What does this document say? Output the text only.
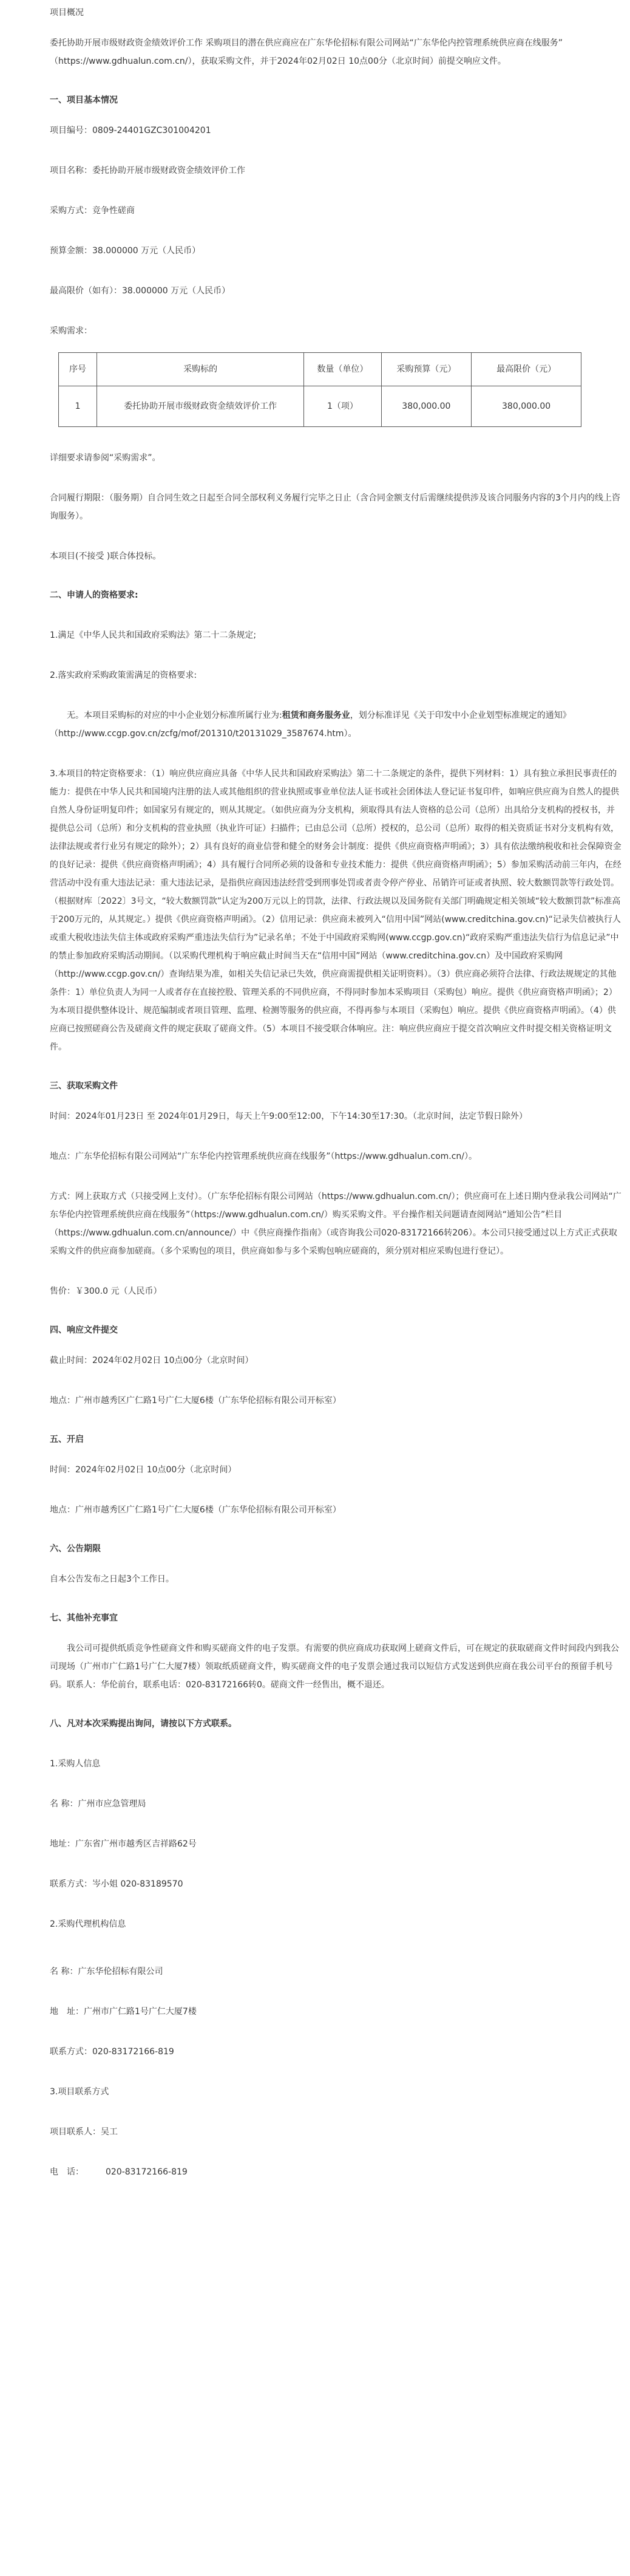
项目概况

委托协助开展市级财政资金绩效评价工作 采购项目的潜在供应商应在广东华伦招标有限公司网站“广东华伦内控管理系统供应商在线服务” （https://www.gdhualun.com.cn/），获取采购文件，并于2024年02月02日 10点00分（北京时间）前提交响应文件。

一、项目基本情况

项目编号：0809-24401GZC301004201

项目名称：委托协助开展市级财政资金绩效评价工作

采购方式：竞争性磋商

预算金额：38.000000 万元（人民币）

最高限价（如有）：38.000000 万元（人民币）

采购需求：

序号	采购标的	数量（单位）	采购预算（元）	最高限价（元）
1	委托协助开展市级财政资金绩效评价工作	1（项）	380,000.00	380,000.00

详细要求请参阅“采购需求”。

合同履行期限：（服务期）自合同生效之日起至合同全部权利义务履行完毕之日止（含合同金额支付后需继续提供涉及该合同服务内容的3个月内的线上咨询服务）。

本项目(不接受 )联合体投标。

二、申请人的资格要求:

1.满足《中华人民共和国政府采购法》第二十二条规定;

2.落实政府采购政策需满足的资格要求:

无。本项目采购标的对应的中小企业划分标准所属行业为:租赁和商务服务业，划分标准详见《关于印发中小企业划型标准规定的通知》（http://www.ccgp.gov.cn/zcfg/mof/201310/t20131029_3587674.htm）。

3.本项目的特定资格要求：（1）响应供应商应具备《中华人民共和国政府采购法》第二十二条规定的条件，提供下列材料：1）具有独立承担民事责任的能力：提供在中华人民共和国境内注册的法人或其他组织的营业执照或事业单位法人证书或社会团体法人登记证书复印件，如响应供应商为自然人的提供自然人身份证明复印件；如国家另有规定的，则从其规定。（如供应商为分支机构，须取得具有法人资格的总公司（总所）出具给分支机构的授权书，并提供总公司（总所）和分支机构的营业执照（执业许可证）扫描件；已由总公司（总所）授权的，总公司（总所）取得的相关资质证书对分支机构有效，法律法规或者行业另有规定的除外）；2）具有良好的商业信誉和健全的财务会计制度：提供《供应商资格声明函》；3）具有依法缴纳税收和社会保障资金的良好记录：提供《供应商资格声明函》；4）具有履行合同所必须的设备和专业技术能力：提供《供应商资格声明函》；5）参加采购活动前三年内，在经营活动中没有重大违法记录：重大违法记录，是指供应商因违法经营受到刑事处罚或者责令停产停业、吊销许可证或者执照、较大数额罚款等行政处罚。（根据财库〔2022〕3号文，“较大数额罚款”认定为200万元以上的罚款，法律、行政法规以及国务院有关部门明确规定相关领域“较大数额罚款”标准高于200万元的，从其规定。）提供《供应商资格声明函》。（2）信用记录：供应商未被列入“信用中国”网站(www.creditchina.gov.cn)“记录失信被执行人或重大税收违法失信主体或政府采购严重违法失信行为”记录名单；不处于中国政府采购网(www.ccgp.gov.cn)“政府采购严重违法失信行为信息记录”中的禁止参加政府采购活动期间。（以采购代理机构于响应截止时间当天在“信用中国”网站（www.creditchina.gov.cn）及中国政府采购网（http://www.ccgp.gov.cn/）查询结果为准，如相关失信记录已失效，供应商需提供相关证明资料）。（3）供应商必须符合法律、行政法规规定的其他条件：1）单位负责人为同一人或者存在直接控股、管理关系的不同供应商，不得同时参加本采购项目（采购包）响应。提供《供应商资格声明函》；2）为本项目提供整体设计、规范编制或者项目管理、监理、检测等服务的供应商，不得再参与本项目（采购包）响应。提供《供应商资格声明函》。（4）供应商已按照磋商公告及磋商文件的规定获取了磋商文件。（5）本项目不接受联合体响应。注：响应供应商应于提交首次响应文件时提交相关资格证明文件。

三、获取采购文件

时间：2024年01月23日 至 2024年01月29日，每天上午9:00至12:00，下午14:30至17:30。（北京时间，法定节假日除外）

地点：广东华伦招标有限公司网站“广东华伦内控管理系统供应商在线服务”（https://www.gdhualun.com.cn/）。

方式：网上获取方式（只接受网上支付）。（广东华伦招标有限公司网站（https://www.gdhualun.com.cn/）；供应商可在上述日期内登录我公司网站“广东华伦内控管理系统供应商在线服务”（https://www.gdhualun.com.cn/）购买采购文件。平台操作相关问题请查阅网站“通知公告”栏目（https://www.gdhualun.com.cn/announce/）中《供应商操作指南》（或咨询我公司020-83172166转206）。本公司只接受通过以上方式正式获取采购文件的供应商参加磋商。（多个采购包的项目，供应商如参与多个采购包响应磋商的，须分别对相应采购包进行登记）。

售价：￥300.0 元（人民币）

四、响应文件提交

截止时间：2024年02月02日 10点00分（北京时间）

地点：广州市越秀区广仁路1号广仁大厦6楼（广东华伦招标有限公司开标室）

五、开启

时间：2024年02月02日 10点00分（北京时间）

地点：广州市越秀区广仁路1号广仁大厦6楼（广东华伦招标有限公司开标室）

六、公告期限

自本公告发布之日起3个工作日。

七、其他补充事宜

我公司可提供纸质竞争性磋商文件和购买磋商文件的电子发票。有需要的供应商成功获取网上磋商文件后，可在规定的获取磋商文件时间段内到我公司现场（广州市广仁路1号广仁大厦7楼）领取纸质磋商文件，购买磋商文件的电子发票会通过我司以短信方式发送到供应商在我公司平台的预留手机号码。联系人：华伦前台，联系电话：020-83172166转0。磋商文件一经售出，概不退还。

八、凡对本次采购提出询问，请按以下方式联系。

1.采购人信息

名 称：广州市应急管理局

地址：广东省广州市越秀区吉祥路62号

联系方式：岑小姐 020-83189570

2.采购代理机构信息

名 称：广东华伦招标有限公司

地　址：广州市广仁路1号广仁大厦7楼

联系方式：020-83172166-819

3.项目联系方式

项目联系人：吴工

电　话：	020-83172166-819
